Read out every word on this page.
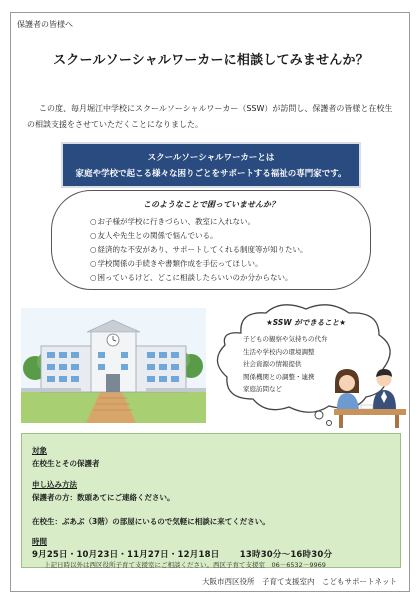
保護者の皆様へ
スクールソーシャルワーカーに相談してみませんか？

この度、毎月堀江中学校にスクールソーシャルワーカー（SSW）が訪問し、保護者の皆様と在校生の相談支援をさせていただくことになりました。

スクールソーシャルワーカーとは
家庭や学校で起こる様々な困りごとをサポートする福祉の専門家です。
このようなことで困っていませんか？
○ お子様が学校に行きづらい、教室に入れない。
○ 友人や先生との関係で悩んでいる。
○ 経済的な不安があり、サポートしてくれる制度等が知りたい。
○ 学校関係の手続きや書類作成を手伝ってほしい。
○ 困っているけど、どこに相談したらいいのか分からない。
★SSW ができること★
子どもの観察や気持ちの代弁
生活や学校内の環境調整
社会資源の情報提供
関係機関との調整・連携
家庭訪問など
対象
在校生とその保護者
申し込み方法
保護者の方：数頭あてにご連絡ください。
在校生：ぶあぶ（3階）の部屋にいるので気軽に相談に来てください。
時間
9月25日・10月23日・11月27日・12月18日 13時30分～16時30分
上記日時以外は西区役所子育て支援室にご相談ください。西区子育て支援室　06－6532－9969
大阪市西区役所　子育て支援室内　こどもサポートネット
